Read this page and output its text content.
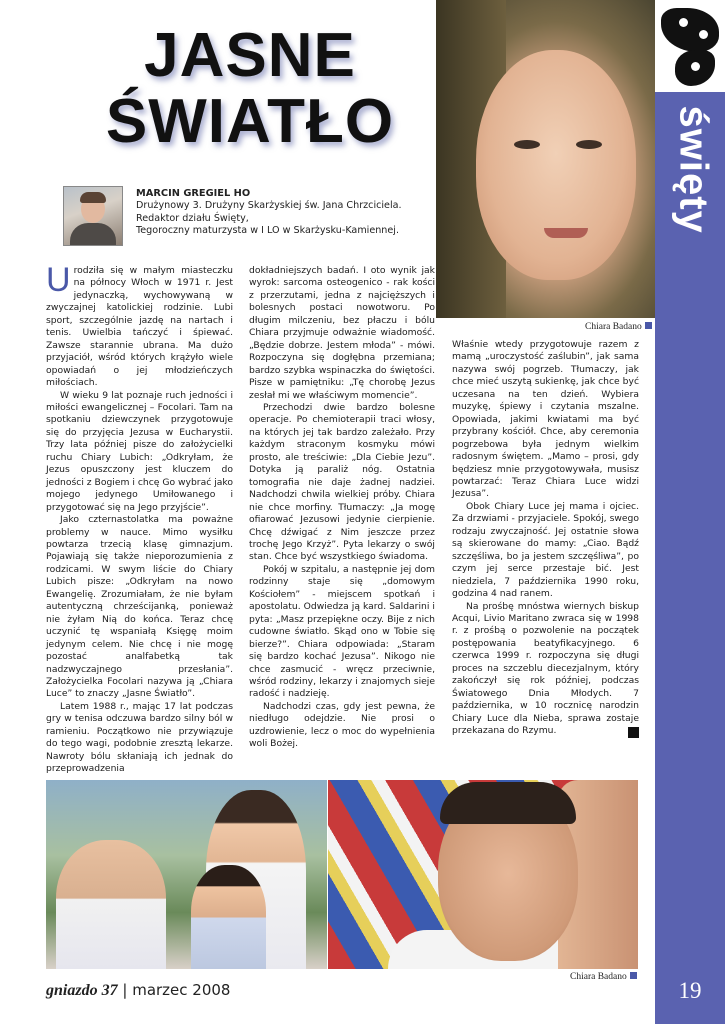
JASNE
ŚWIATŁO
MARCIN GREGIEL HO
Drużynowy 3. Drużyny Skarżyskiej św. Jana Chrzciciela.
Redaktor działu Święty,
Tegoroczny maturzysta w I LO w Skarżysku-Kamiennej.

Urodziła się w małym miasteczku na północy Włoch w 1971 r. Jest jedynaczką, wychowywaną w zwyczajnej katolickiej rodzinie. Lubi sport, szczególnie jazdę na nartach i tenis. Uwielbia tańczyć i śpiewać. Zawsze starannie ubrana. Ma dużo przyjaciół, wśród których krążyło wiele opowiadań o jej młodzieńczych miłościach.

W wieku 9 lat poznaje ruch jedności i miłości ewangelicznej – Focolari. Tam na spotkaniu dziewczynek przygotowuje się do przyjęcia Jezusa w Eucharystii. Trzy lata później pisze do założycielki ruchu Chiary Lubich: „Odkryłam, że Jezus opuszczony jest kluczem do jedności z Bogiem i chcę Go wybrać jako mojego jedynego Umiłowanego i przygotować się na Jego przyjście”.

Jako czternastolatka ma poważne problemy w nauce. Mimo wysiłku powtarza trzecią klasę gimnazjum. Pojawiają się także nieporozumienia z rodzicami. W swym liście do Chiary Lubich pisze: „Odkryłam na nowo Ewangelię. Zrozumiałam, że nie byłam autentyczną chrześcijanką, ponieważ nie żyłam Nią do końca. Teraz chcę uczynić tę wspaniałą Księgę moim jedynym celem. Nie chcę i nie mogę pozostać analfabetką tak nadzwyczajnego przesłania”. Założycielka Focolari nazywa ją „Chiara Luce” to znaczy „Jasne Światło”.

Latem 1988 r., mając 17 lat podczas gry w tenisa odczuwa bardzo silny ból w ramieniu. Początkowo nie przywiązuje do tego wagi, podobnie zresztą lekarze. Nawroty bólu skłaniają ich jednak do przeprowadzenia

dokładniejszych badań. I oto wynik jak wyrok: sarcoma osteogenico - rak kości z przerzutami, jedna z najcięższych i bolesnych postaci nowotworu. Po długim milczeniu, bez płaczu i bólu Chiara przyjmuje odważnie wiadomość. „Będzie dobrze. Jestem młoda” - mówi. Rozpoczyna się dogłębna przemiana; bardzo szybka wspinaczka do świętości. Pisze w pamiętniku: „Tę chorobę Jezus zesłał mi we właściwym momencie”.

Przechodzi dwie bardzo bolesne operacje. Po chemioterapii traci włosy, na których jej tak bardzo zależało. Przy każdym straconym kosmyku mówi prosto, ale treściwie: „Dla Ciebie Jezu”. Dotyka ją paraliż nóg. Ostatnia tomografia nie daje żadnej nadziei. Nadchodzi chwila wielkiej próby. Chiara nie chce morfiny. Tłumaczy: „Ja mogę ofiarować Jezusowi jedynie cierpienie. Chcę dźwigać z Nim jeszcze przez trochę Jego Krzyż”. Pyta lekarzy o swój stan. Chce być wszystkiego świadoma.

Pokój w szpitalu, a następnie jej dom rodzinny staje się „domowym Kościołem” - miejscem spotkań i apostolatu. Odwiedza ją kard. Saldarini i pyta: „Masz przepiękne oczy. Bije z nich cudowne światło. Skąd ono w Tobie się bierze?”. Chiara odpowiada: „Staram się bardzo kochać Jezusa”. Nikogo nie chce zasmucić - wręcz przeciwnie, wśród rodziny, lekarzy i znajomych sieje radość i nadzieję.

Nadchodzi czas, gdy jest pewna, że niedługo odejdzie. Nie prosi o uzdrowienie, lecz o moc do wypełnienia woli Bożej.

Właśnie wtedy przygotowuje razem z mamą „uroczystość zaślubin”, jak sama nazywa swój pogrzeb. Tłumaczy, jak chce mieć uszytą sukienkę, jak chce być uczesana na ten dzień. Wybiera muzykę, śpiewy i czytania mszalne. Opowiada, jakimi kwiatami ma być przybrany kościół. Chce, aby ceremonia pogrzebowa była jednym wielkim radosnym świętem. „Mamo – prosi, gdy będziesz mnie przygotowywała, musisz powtarzać: Teraz Chiara Luce widzi Jezusa”.

Obok Chiary Luce jej mama i ojciec. Za drzwiami - przyjaciele. Spokój, swego rodzaju zwyczajność. Jej ostatnie słowa są skierowane do mamy: „Ciao. Bądź szczęśliwa, bo ja jestem szczęśliwa”, po czym jej serce przestaje bić. Jest niedziela, 7 października 1990 roku, godzina 4 nad ranem.

Na prośbę mnóstwa wiernych biskup Acqui, Livio Maritano zwraca się w 1998 r. z prośbą o pozwolenie na początek postępowania beatyfikacyjnego. 6 czerwca 1999 r. rozpoczyna się długi proces na szczeblu diecezjalnym, który zakończył się rok później, podczas Światowego Dnia Młodych. 7 października, w 10 rocznicę narodzin Chiary Luce dla Nieba, sprawa zostaje przekazana do Rzymu.	✎

Chiara Badano
Chiara Badano
święty
19
gniazdo 37 | marzec 2008
